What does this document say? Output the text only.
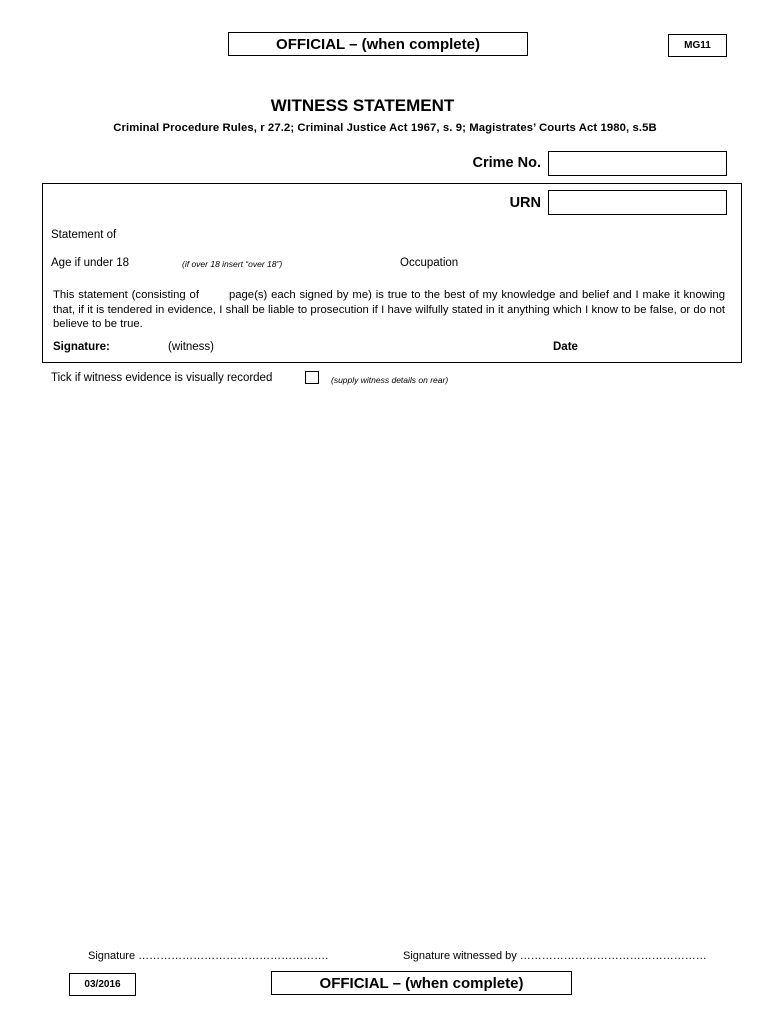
OFFICIAL – (when complete)	MG11
WITNESS STATEMENT
Criminal Procedure Rules, r 27.2; Criminal Justice Act 1967, s. 9; Magistrates’ Courts Act 1980, s.5B
Crime No.
URN
Statement of
Age if under 18	(if over 18 insert “over 18”)	Occupation
This statement (consisting of	page(s) each signed by me) is true to the best of my knowledge and belief and I make it knowing that, if it is tendered in evidence, I shall be liable to prosecution if I have wilfully stated in it anything which I know to be false, or do not believe to be true.
Signature:	(witness)	Date
Tick if witness evidence is visually recorded	(supply witness details on rear)
Signature …………………………………………….	Signature witnessed by ……………………………………………
03/2016	OFFICIAL – (when complete)
